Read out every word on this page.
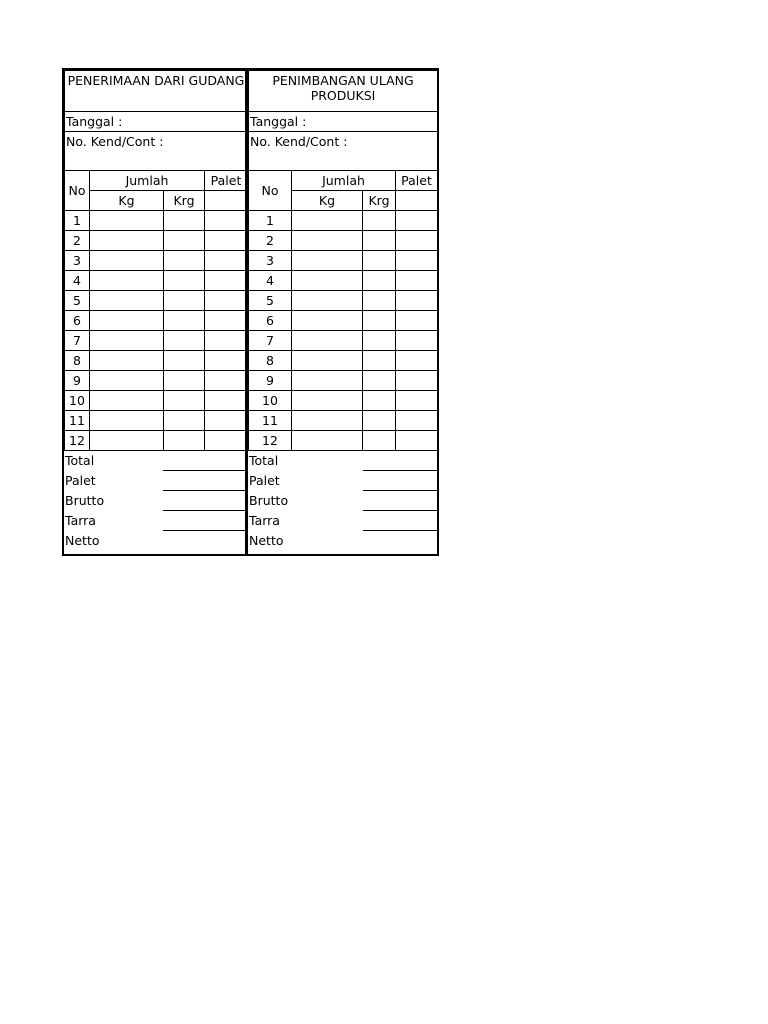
PENERIMAAN DARI GUDANG			
Tanggal :			
No. Kend/Cont :			
No	Jumlah		Palet
	Kg	Krg	
1			
2			
3			
4			
5			
6			
7			
8			
9			
10			
11			
12			
Total	
Palet	
Brutto	
Tarra	
Netto	
PENIMBANGAN ULANG PRODUKSI			
Tanggal :			
No. Kend/Cont :			
No	Jumlah		Palet
	Kg	Krg	
1			
2			
3			
4			
5			
6			
7			
8			
9			
10			
11			
12			
Total	
Palet	
Brutto	
Tarra	
Netto	
